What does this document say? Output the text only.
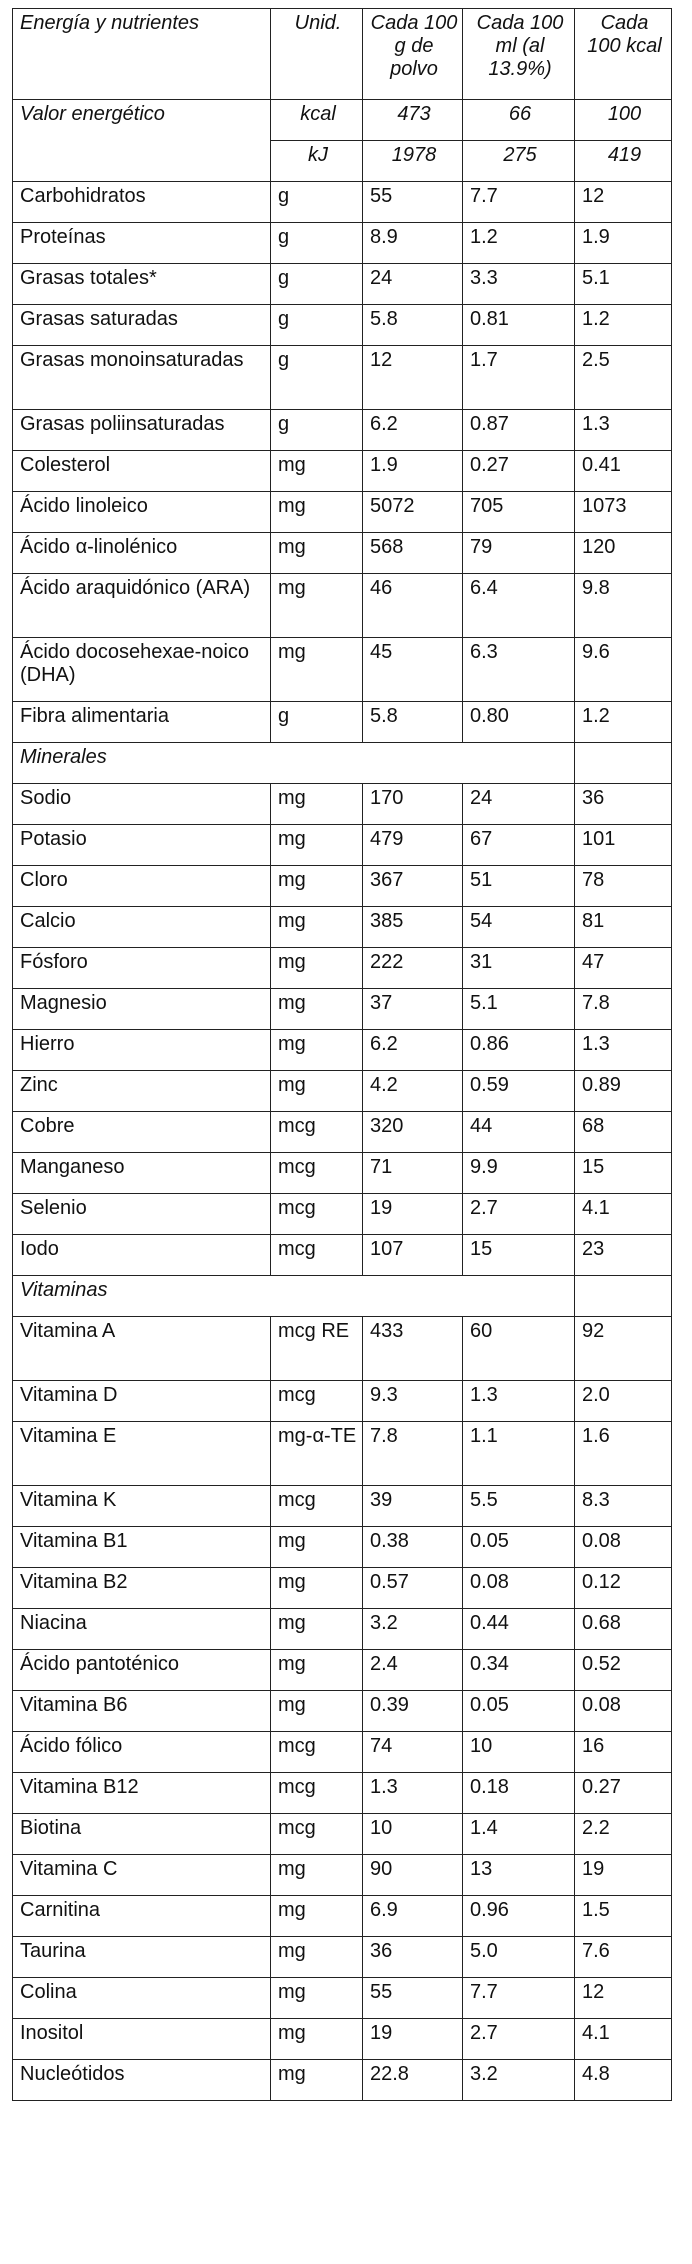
Energía y nutrientes	Unid.	Cada 100 g de polvo	Cada 100 ml (al 13.9%)	Cada 100 kcal
Valor energético	kcal	473	66	100
	kJ	1978	275	419
Carbohidratos	g	55	7.7	12
Proteínas	g	8.9	1.2	1.9
Grasas totales*	g	24	3.3	5.1
Grasas saturadas	g	5.8	0.81	1.2
Grasas monoinsaturadas	g	12	1.7	2.5
Grasas poliinsaturadas	g	6.2	0.87	1.3
Colesterol	mg	1.9	0.27	0.41
Ácido linoleico	mg	5072	705	1073
Ácido α-linolénico	mg	568	79	120
Ácido araquidónico (ARA)	mg	46	6.4	9.8
Ácido docosehexae-noico (DHA)	mg	45	6.3	9.6
Fibra alimentaria	g	5.8	0.80	1.2
Minerales				
Sodio	mg	170	24	36
Potasio	mg	479	67	101
Cloro	mg	367	51	78
Calcio	mg	385	54	81
Fósforo	mg	222	31	47
Magnesio	mg	37	5.1	7.8
Hierro	mg	6.2	0.86	1.3
Zinc	mg	4.2	0.59	0.89
Cobre	mcg	320	44	68
Manganeso	mcg	71	9.9	15
Selenio	mcg	19	2.7	4.1
Iodo	mcg	107	15	23
Vitaminas				
Vitamina A	mcg RE	433	60	92
Vitamina D	mcg	9.3	1.3	2.0
Vitamina E	mg-α-TE	7.8	1.1	1.6
Vitamina K	mcg	39	5.5	8.3
Vitamina B1	mg	0.38	0.05	0.08
Vitamina B2	mg	0.57	0.08	0.12
Niacina	mg	3.2	0.44	0.68
Ácido pantoténico	mg	2.4	0.34	0.52
Vitamina B6	mg	0.39	0.05	0.08
Ácido fólico	mcg	74	10	16
Vitamina B12	mcg	1.3	0.18	0.27
Biotina	mcg	10	1.4	2.2
Vitamina C	mg	90	13	19
Carnitina	mg	6.9	0.96	1.5
Taurina	mg	36	5.0	7.6
Colina	mg	55	7.7	12
Inositol	mg	19	2.7	4.1
Nucleótidos	mg	22.8	3.2	4.8
